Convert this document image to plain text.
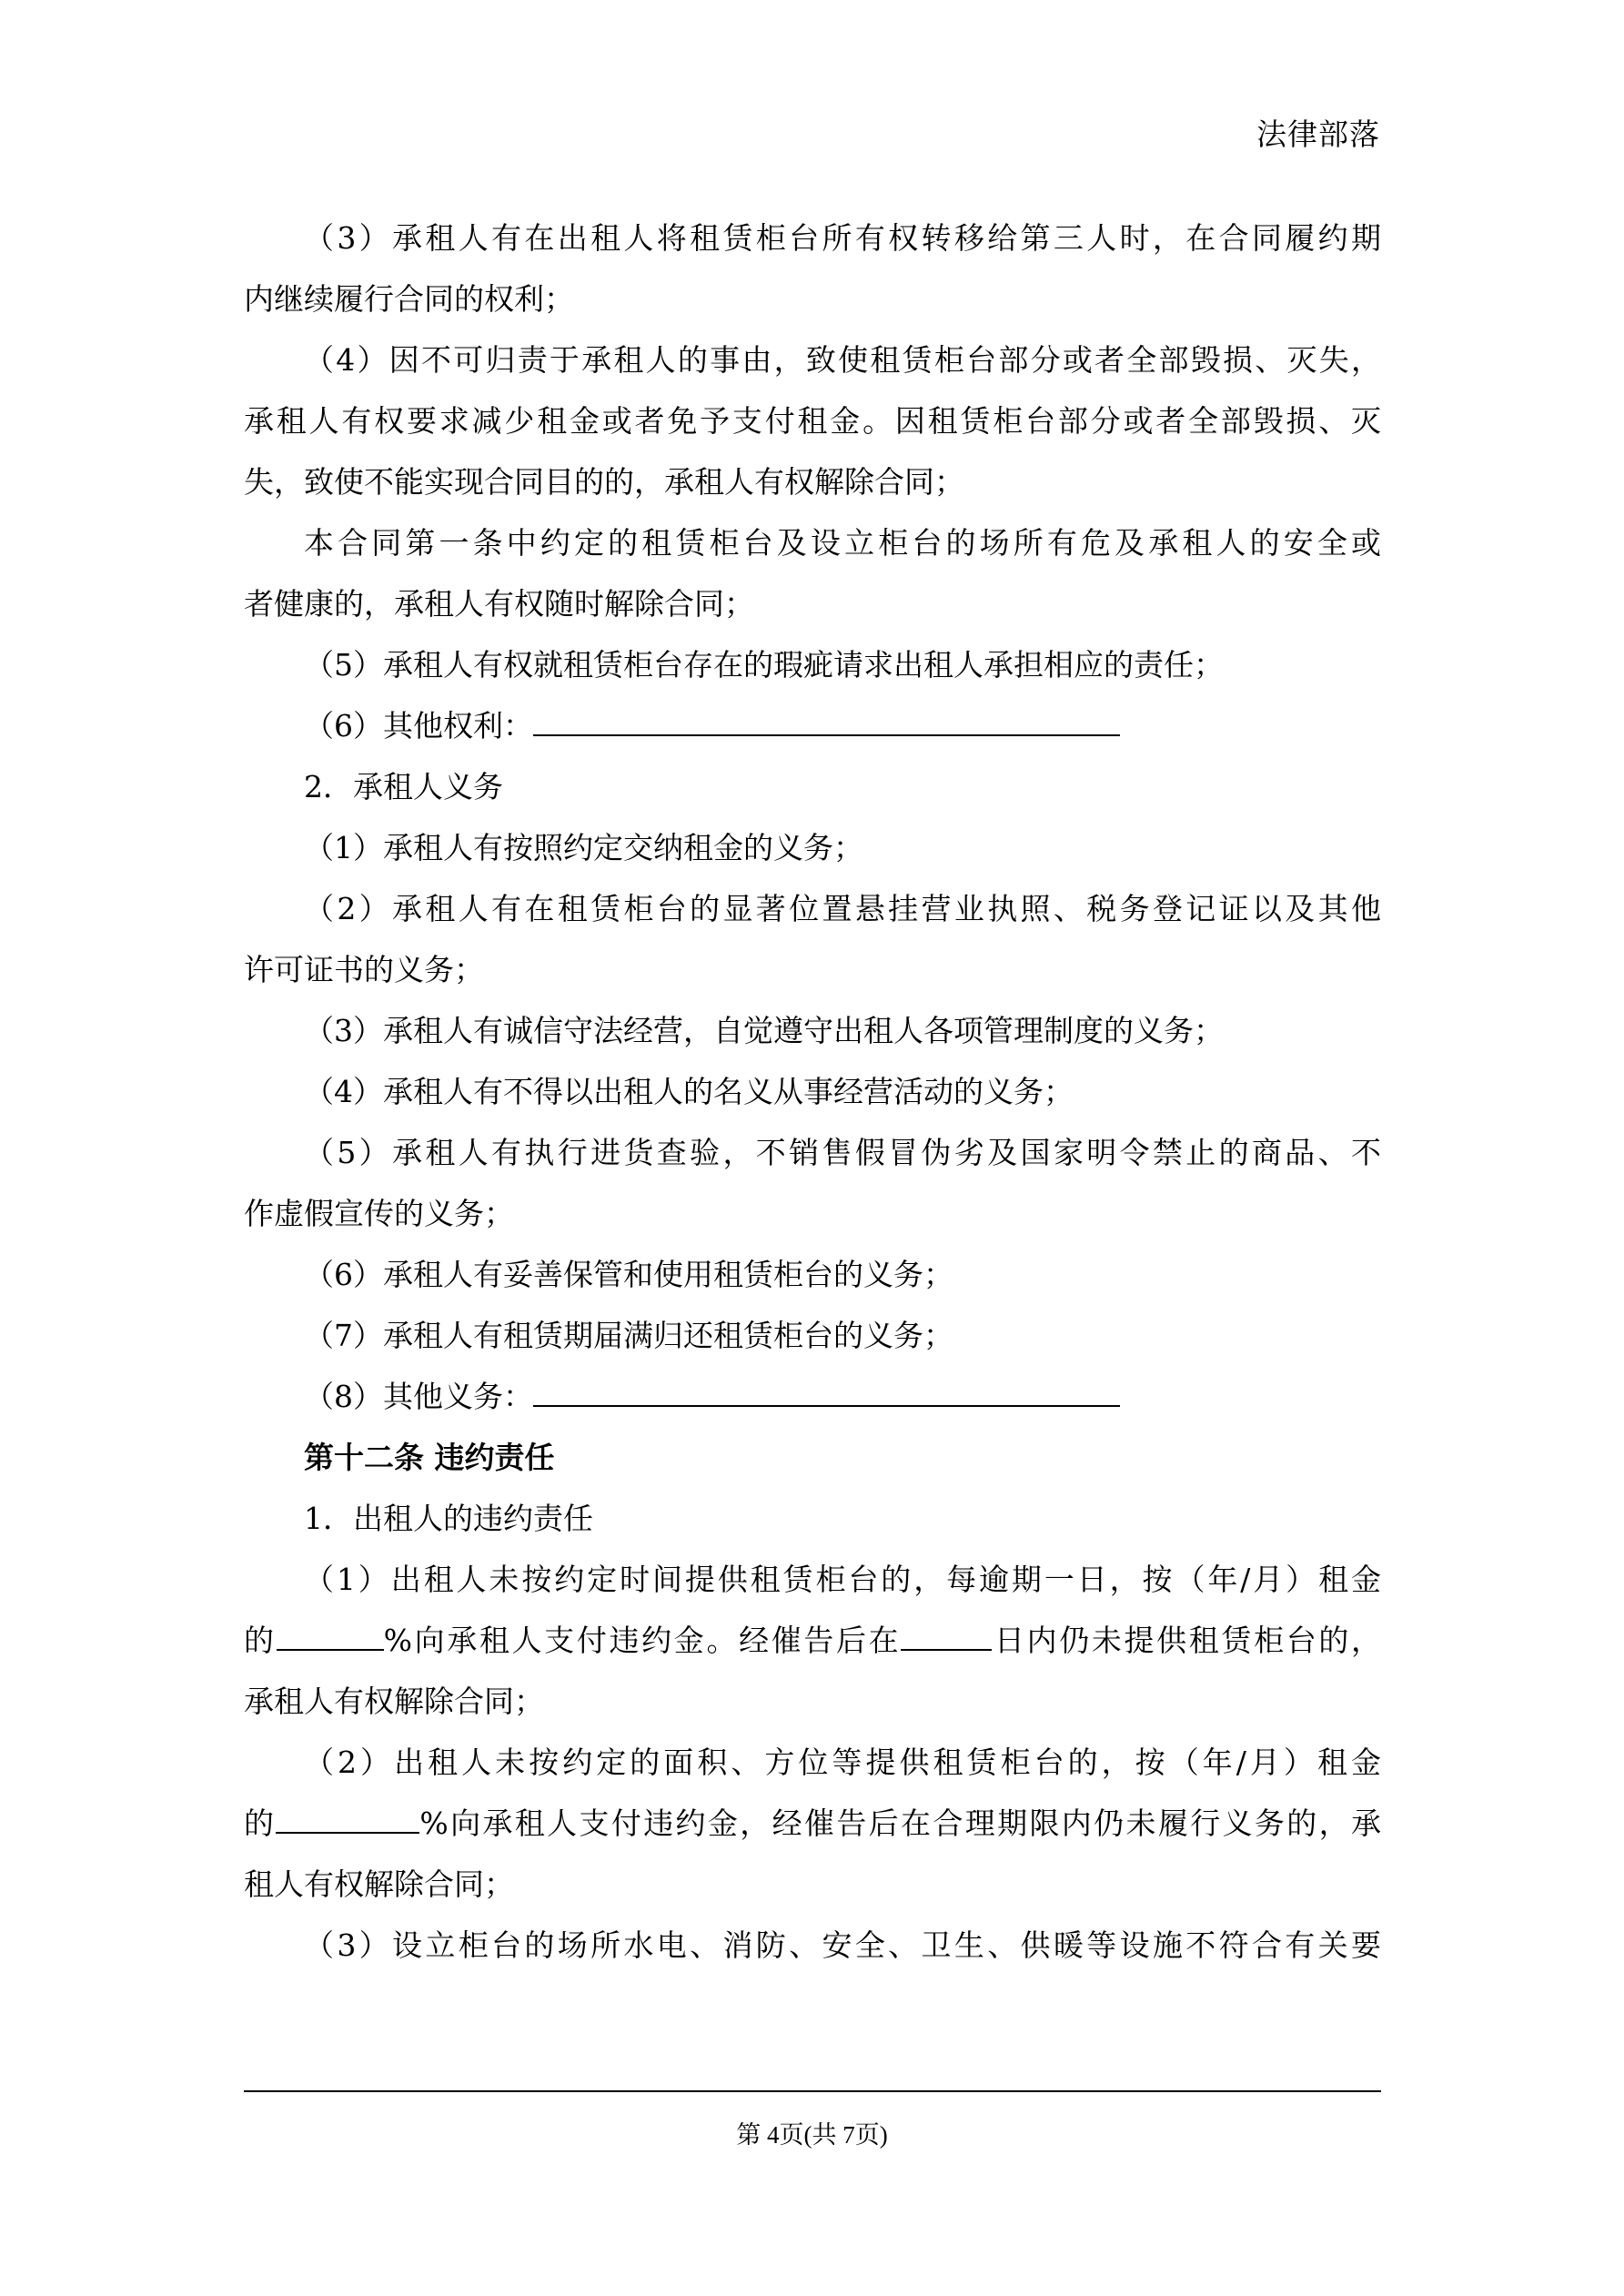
法律部落

（3）承租人有在出租人将租赁柜台所有权转移给第三人时，在合同履约期

内继续履行合同的权利；

（4）因不可归责于承租人的事由，致使租赁柜台部分或者全部毁损、灭失，

承租人有权要求减少租金或者免予支付租金。因租赁柜台部分或者全部毁损、灭

失，致使不能实现合同目的的，承租人有权解除合同；

本合同第一条中约定的租赁柜台及设立柜台的场所有危及承租人的安全或

者健康的，承租人有权随时解除合同；

（5）承租人有权就租赁柜台存在的瑕疵请求出租人承担相应的责任；

（6）其他权利：

2．承租人义务

（1）承租人有按照约定交纳租金的义务；

（2）承租人有在租赁柜台的显著位置悬挂营业执照、税务登记证以及其他

许可证书的义务；

（3）承租人有诚信守法经营，自觉遵守出租人各项管理制度的义务；

（4）承租人有不得以出租人的名义从事经营活动的义务；

（5）承租人有执行进货查验，不销售假冒伪劣及国家明令禁止的商品、不

作虚假宣传的义务；

（6）承租人有妥善保管和使用租赁柜台的义务；

（7）承租人有租赁期届满归还租赁柜台的义务；

（8）其他义务：

第十二条 违约责任

1．出租人的违约责任

（1）出租人未按约定时间提供租赁柜台的，每逾期一日，按（年/月）租金

的	%向承租人支付违约金。经催告后在	日内仍未提供租赁柜台的，

承租人有权解除合同；

（2）出租人未按约定的面积、方位等提供租赁柜台的，按（年/月）租金

的	%向承租人支付违约金，经催告后在合理期限内仍未履行义务的，承

租人有权解除合同；

（3）设立柜台的场所水电、消防、安全、卫生、供暖等设施不符合有关要

第 4页(共 7页)
